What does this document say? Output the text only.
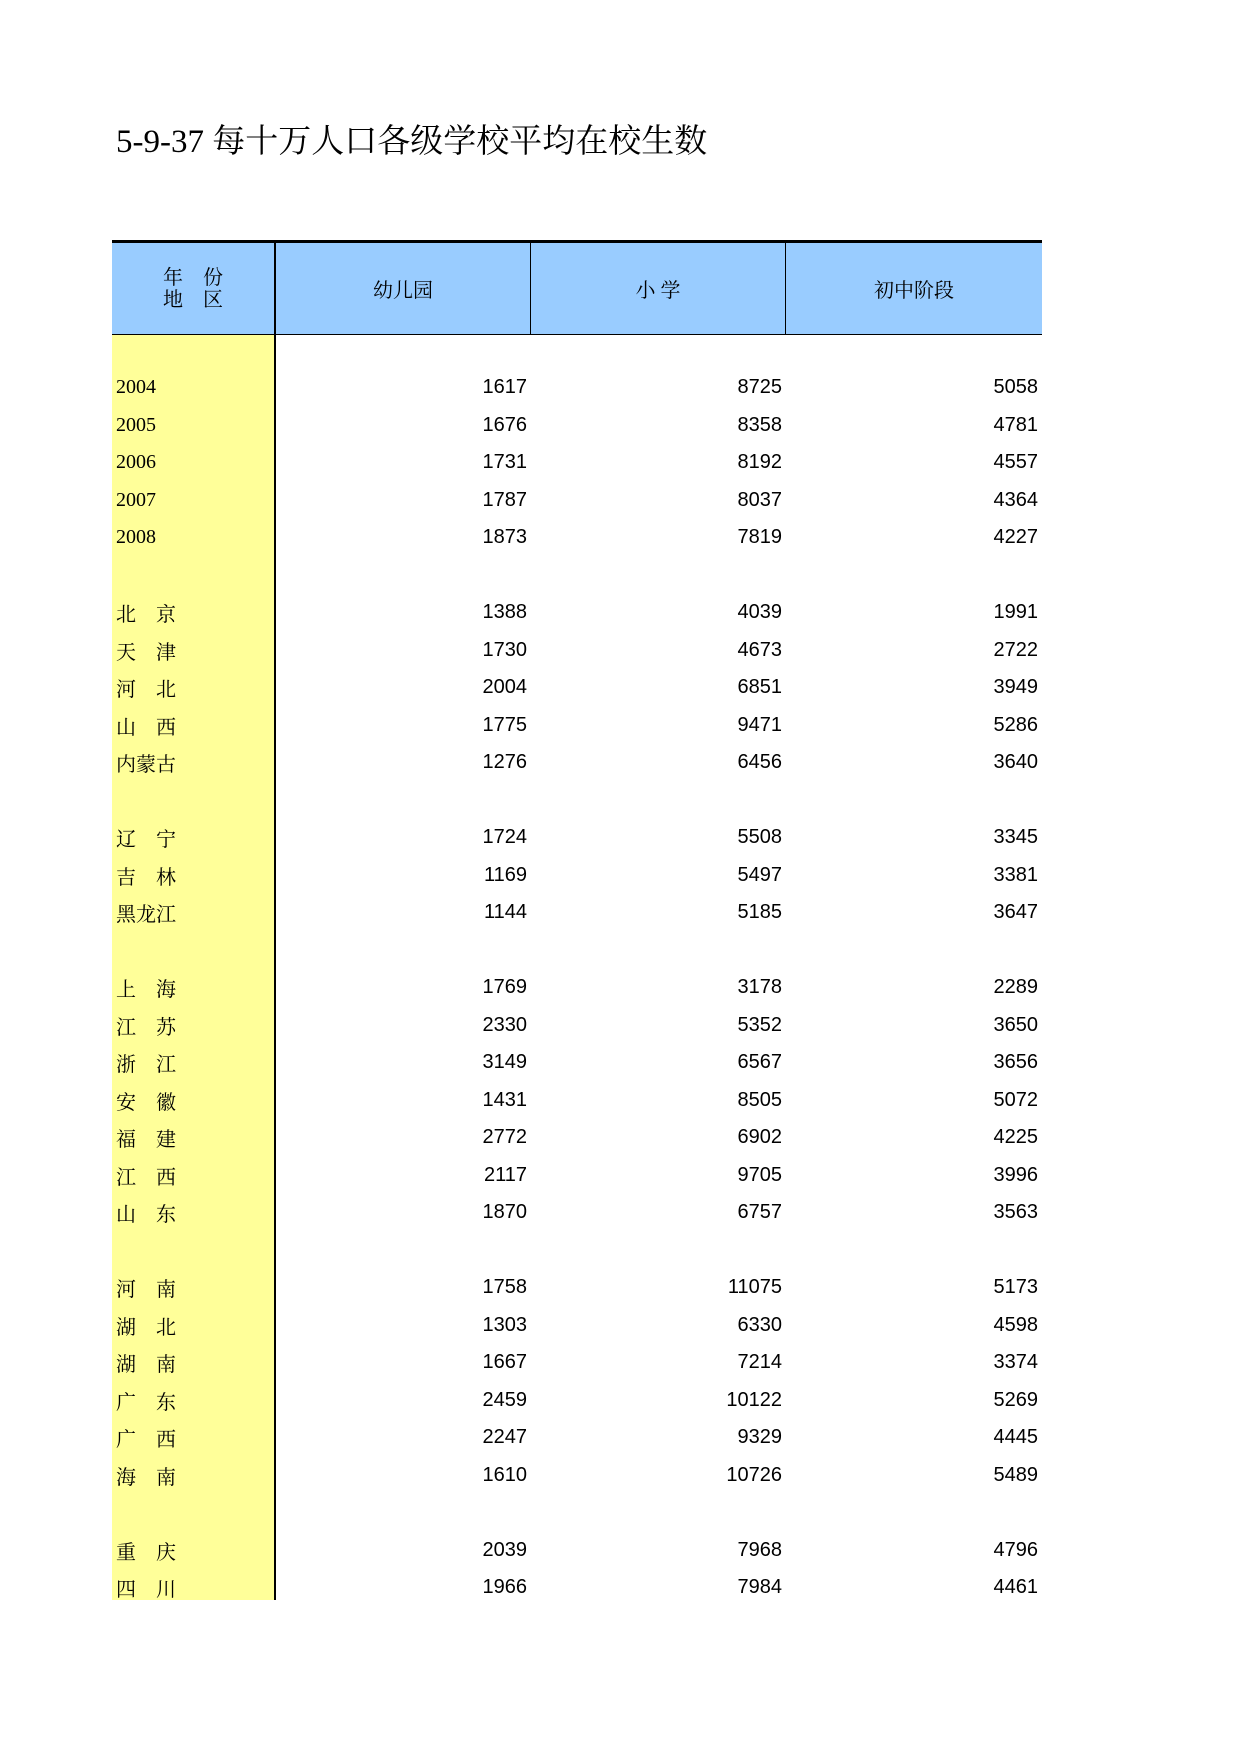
5-9-37 每十万人口各级学校平均在校生数
年    份
地    区	幼儿园	小 学	初中阶段
2004	1617	8725	5058
2005	1676	8358	4781
2006	1731	8192	4557
2007	1787	8037	4364
2008	1873	7819	4227
北    京	1388	4039	1991
天    津	1730	4673	2722
河    北	2004	6851	3949
山    西	1775	9471	5286
内蒙古	1276	6456	3640
辽    宁	1724	5508	3345
吉    林	1169	5497	3381
黑龙江	1144	5185	3647
上    海	1769	3178	2289
江    苏	2330	5352	3650
浙    江	3149	6567	3656
安    徽	1431	8505	5072
福    建	2772	6902	4225
江    西	2117	9705	3996
山    东	1870	6757	3563
河    南	1758	11075	5173
湖    北	1303	6330	4598
湖    南	1667	7214	3374
广    东	2459	10122	5269
广    西	2247	9329	4445
海    南	1610	10726	5489
重    庆	2039	7968	4796
四    川	1966	7984	4461
